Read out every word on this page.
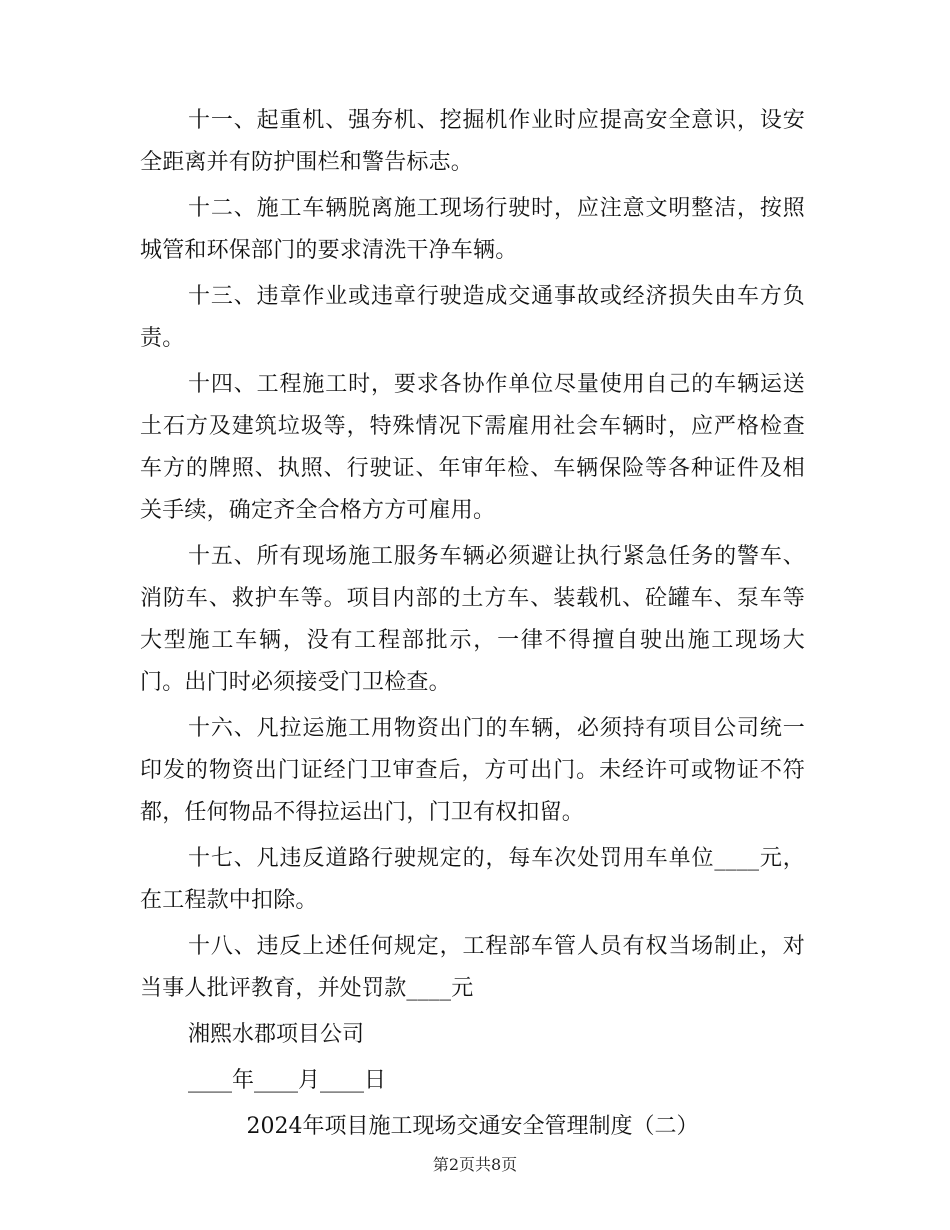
十一、起重机、强夯机、挖掘机作业时应提高安全意识，设安全距离并有防护围栏和警告标志。

十二、施工车辆脱离施工现场行驶时，应注意文明整洁，按照城管和环保部门的要求清洗干净车辆。

十三、违章作业或违章行驶造成交通事故或经济损失由车方负责。

十四、工程施工时，要求各协作单位尽量使用自己的车辆运送土石方及建筑垃圾等，特殊情况下需雇用社会车辆时，应严格检查车方的牌照、执照、行驶证、年审年检、车辆保险等各种证件及相关手续，确定齐全合格方方可雇用。

十五、所有现场施工服务车辆必须避让执行紧急任务的警车、消防车、救护车等。项目内部的土方车、装载机、砼罐车、泵车等大型施工车辆，没有工程部批示，一律不得擅自驶出施工现场大门。出门时必须接受门卫检查。

十六、凡拉运施工用物资出门的车辆，必须持有项目公司统一印发的物资出门证经门卫审查后，方可出门。未经许可或物证不符都，任何物品不得拉运出门，门卫有权扣留。

十七、凡违反道路行驶规定的，每车次处罚用车单位____元，在工程款中扣除。

十八、违反上述任何规定，工程部车管人员有权当场制止，对当事人批评教育，并处罚款____元

湘熙水郡项目公司

____年____月____日

2024年项目施工现场交通安全管理制度（二）

第2页共8页
